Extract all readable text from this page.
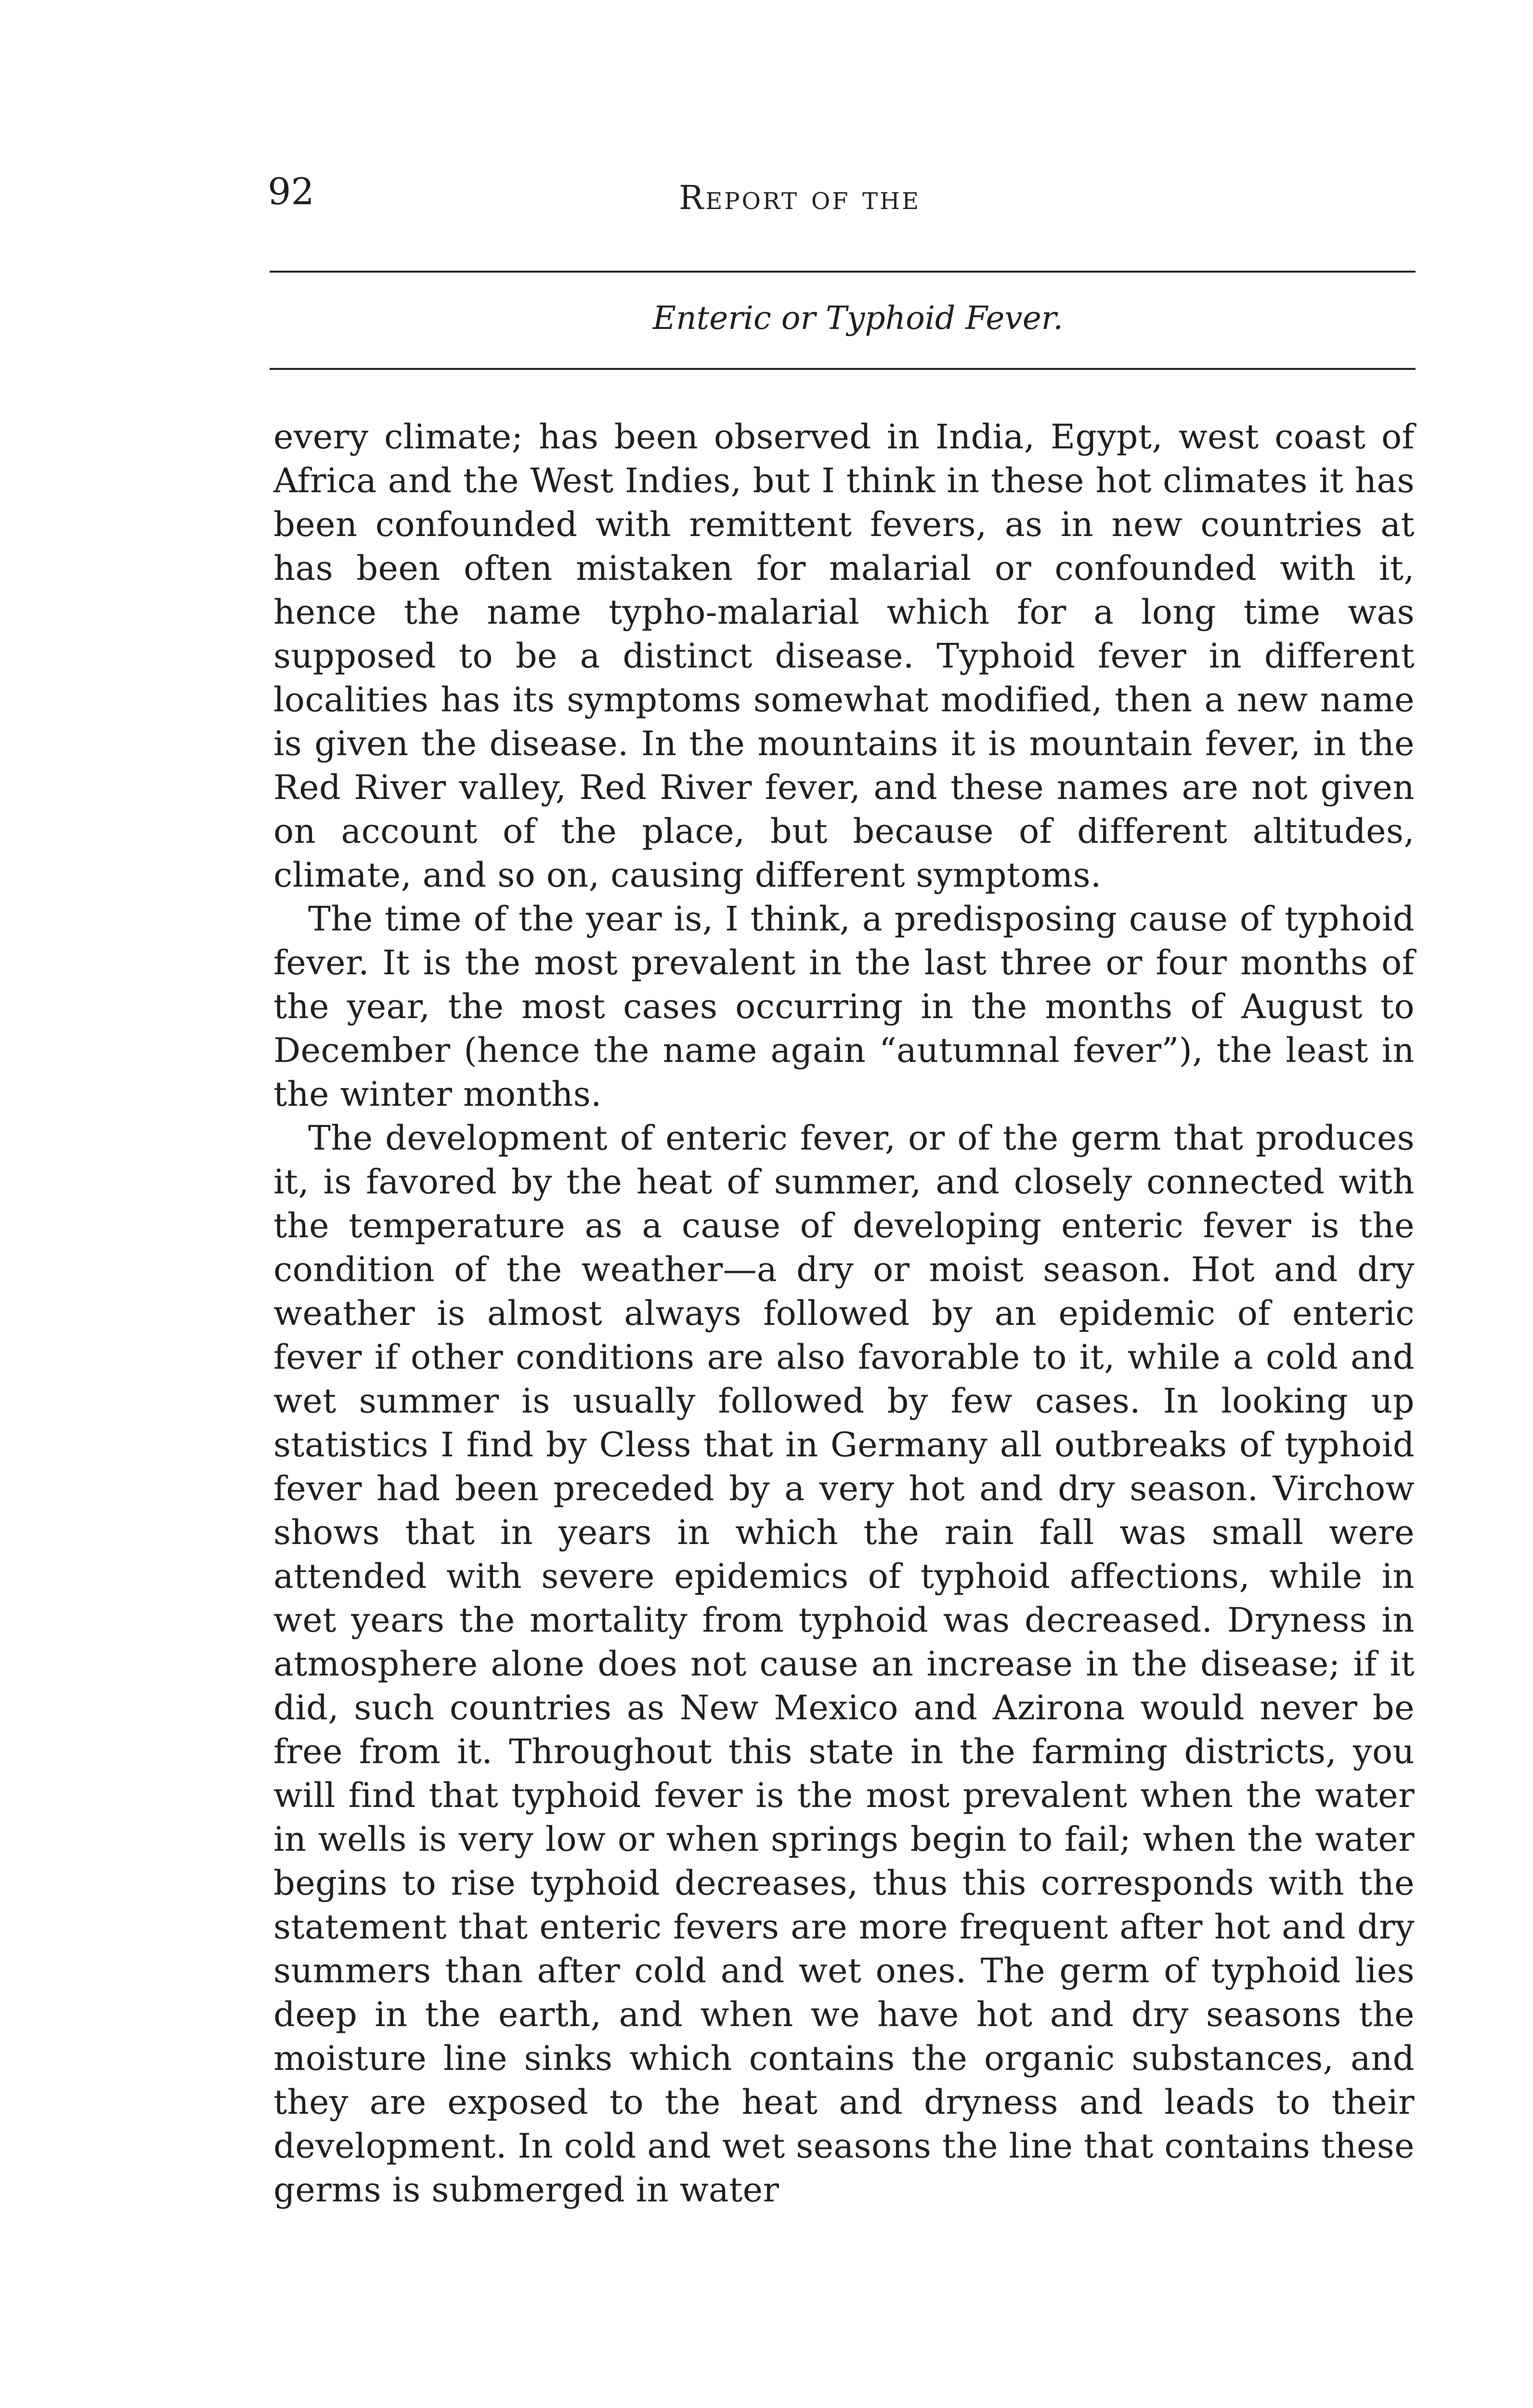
92	Report of the
Enteric or Typhoid Fever.

every climate; has been observed in India, Egypt, west coast of Africa and the West Indies, but I think in these hot climates it has been confounded with remittent fevers, as in new countries at has been often mistaken for malarial or confounded with it, hence the name typho-malarial which for a long time was supposed to be a distinct disease. Typhoid fever in different localities has its symptoms somewhat modified, then a new name is given the disease. In the mountains it is mountain fever, in the Red River valley, Red River fever, and these names are not given on account of the place, but because of different altitudes, climate, and so on, causing different symptoms.

The time of the year is, I think, a predisposing cause of typhoid fever. It is the most prevalent in the last three or four months of the year, the most cases occurring in the months of August to December (hence the name again “autumnal fever”), the least in the winter months.

The development of enteric fever, or of the germ that produces it, is favored by the heat of summer, and closely connected with the temperature as a cause of developing enteric fever is the condition of the weather—a dry or moist season. Hot and dry weather is almost always followed by an epidemic of enteric fever if other conditions are also favorable to it, while a cold and wet summer is usually followed by few cases. In looking up statistics I find by Cless that in Germany all outbreaks of typhoid fever had been preceded by a very hot and dry season. Virchow shows that in years in which the rain fall was small were attended with severe epidemics of typhoid affections, while in wet years the mortality from typhoid was decreased. Dryness in atmosphere alone does not cause an increase in the disease; if it did, such countries as New Mexico and Azirona would never be free from it. Throughout this state in the farming districts, you will find that typhoid fever is the most prevalent when the water in wells is very low or when springs begin to fail; when the water begins to rise typhoid decreases, thus this corresponds with the statement that enteric fevers are more frequent after hot and dry summers than after cold and wet ones. The germ of typhoid lies deep in the earth, and when we have hot and dry seasons the moisture line sinks which contains the organic substances, and they are exposed to the heat and dryness and leads to their development. In cold and wet seasons the line that contains these germs is submerged in water
